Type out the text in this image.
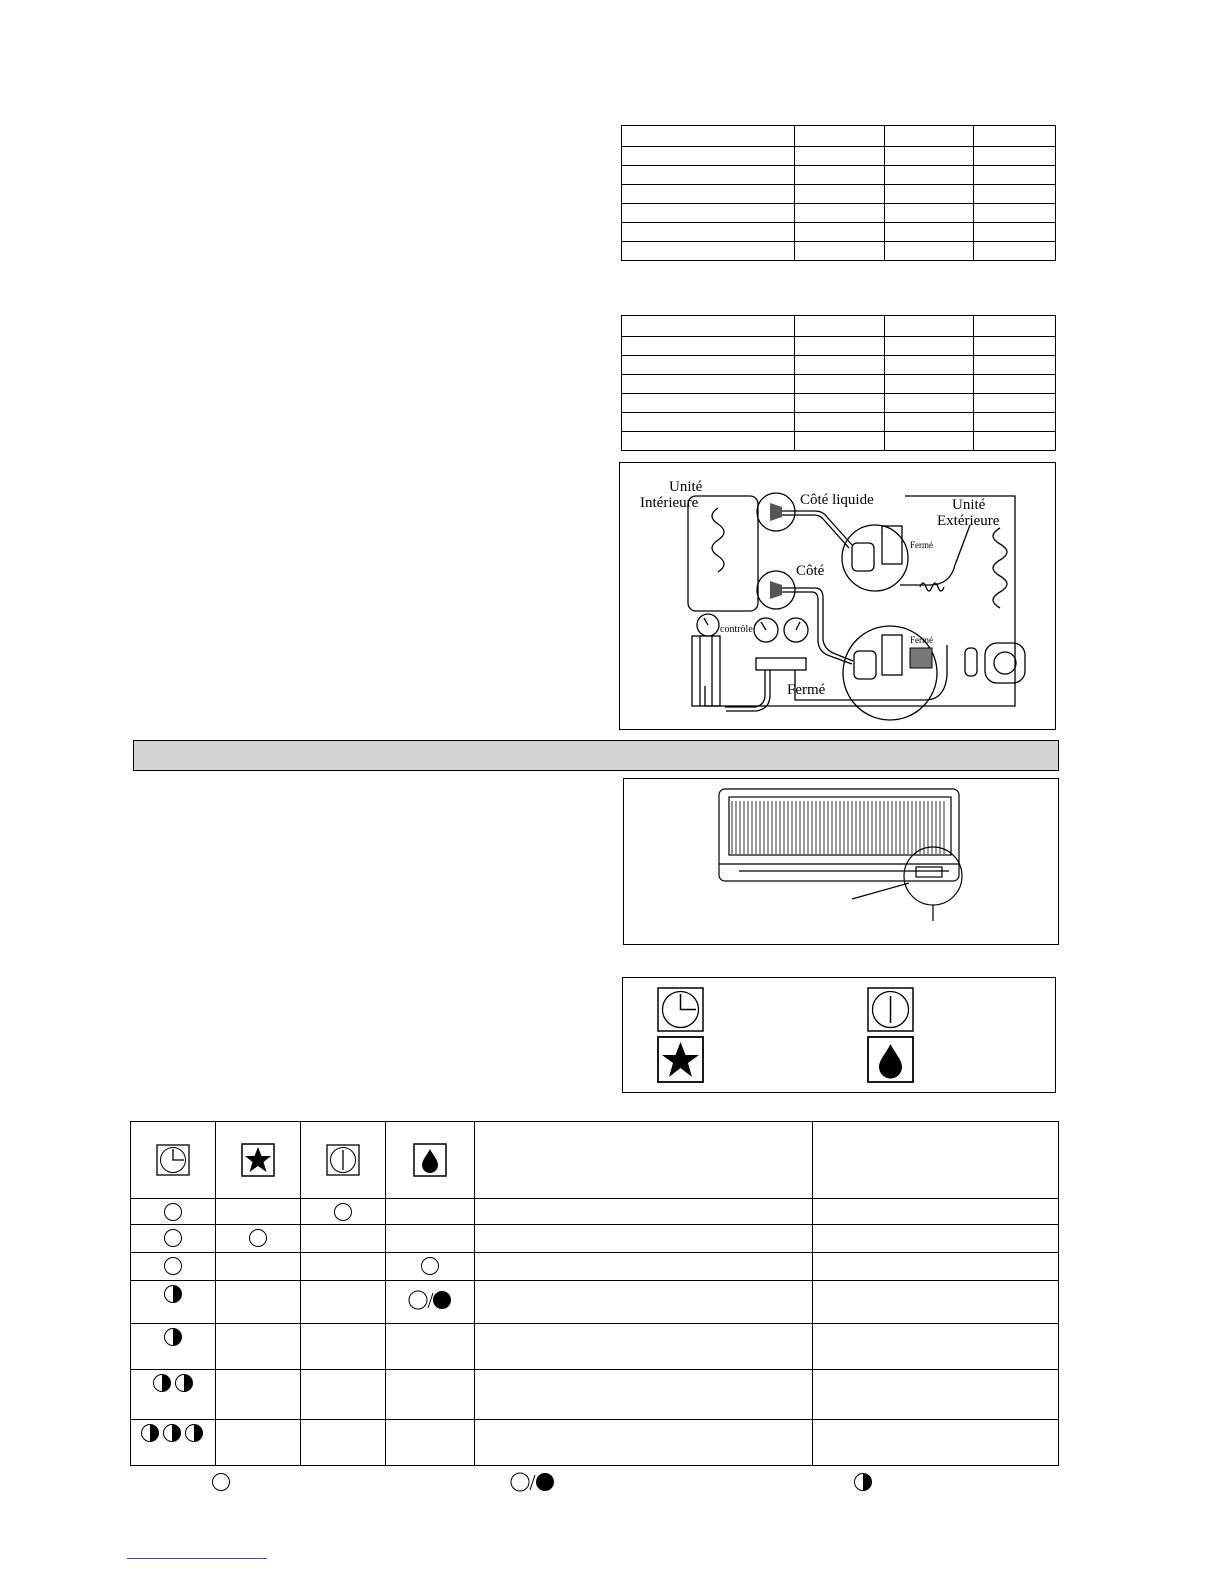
Unité
Intérieure	Côté liquide	Unité
Extérieure
Fermé
Côté
contrôle
Fermé
Fermé
